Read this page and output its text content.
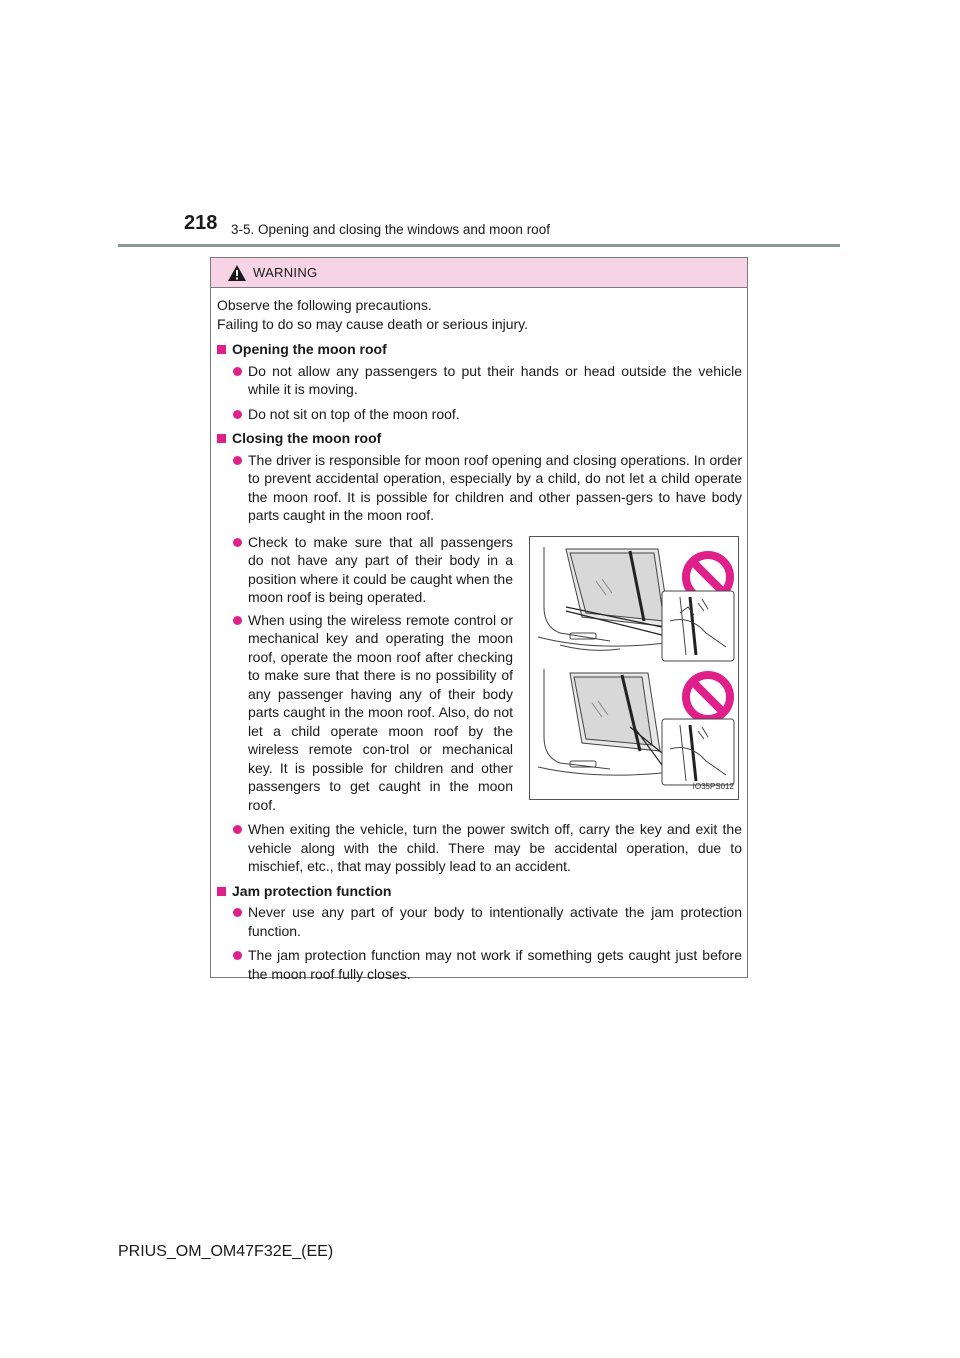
218 3-5. Opening and closing the windows and moon roof
WARNING

Observe the following precautions.

Failing to do so may cause death or serious injury.

Opening the moon roof
Do not allow any passengers to put their hands or head outside the vehicle while it is moving.
Do not sit on top of the moon roof.
Closing the moon roof
The driver is responsible for moon roof opening and closing operations. In order to prevent accidental operation, especially by a child, do not let a child operate the moon roof. It is possible for children and other passen-gers to have body parts caught in the moon roof.
Check to make sure that all passengers do not have any part of their body in a position where it could be caught when the moon roof is being operated.
When using the wireless remote control or mechanical key and operating the moon roof, operate the moon roof after checking to make sure that there is no possibility of any passenger having any of their body parts caught in the moon roof. Also, do not let a child operate moon roof by the wireless remote con-trol or mechanical key. It is possible for children and other passengers to get caught in the moon roof.
IO35PS012
When exiting the vehicle, turn the power switch off, carry the key and exit the vehicle along with the child. There may be accidental operation, due to mischief, etc., that may possibly lead to an accident.
Jam protection function
Never use any part of your body to intentionally activate the jam protection function.
The jam protection function may not work if something gets caught just before the moon roof fully closes.
PRIUS_OM_OM47F32E_(EE)
